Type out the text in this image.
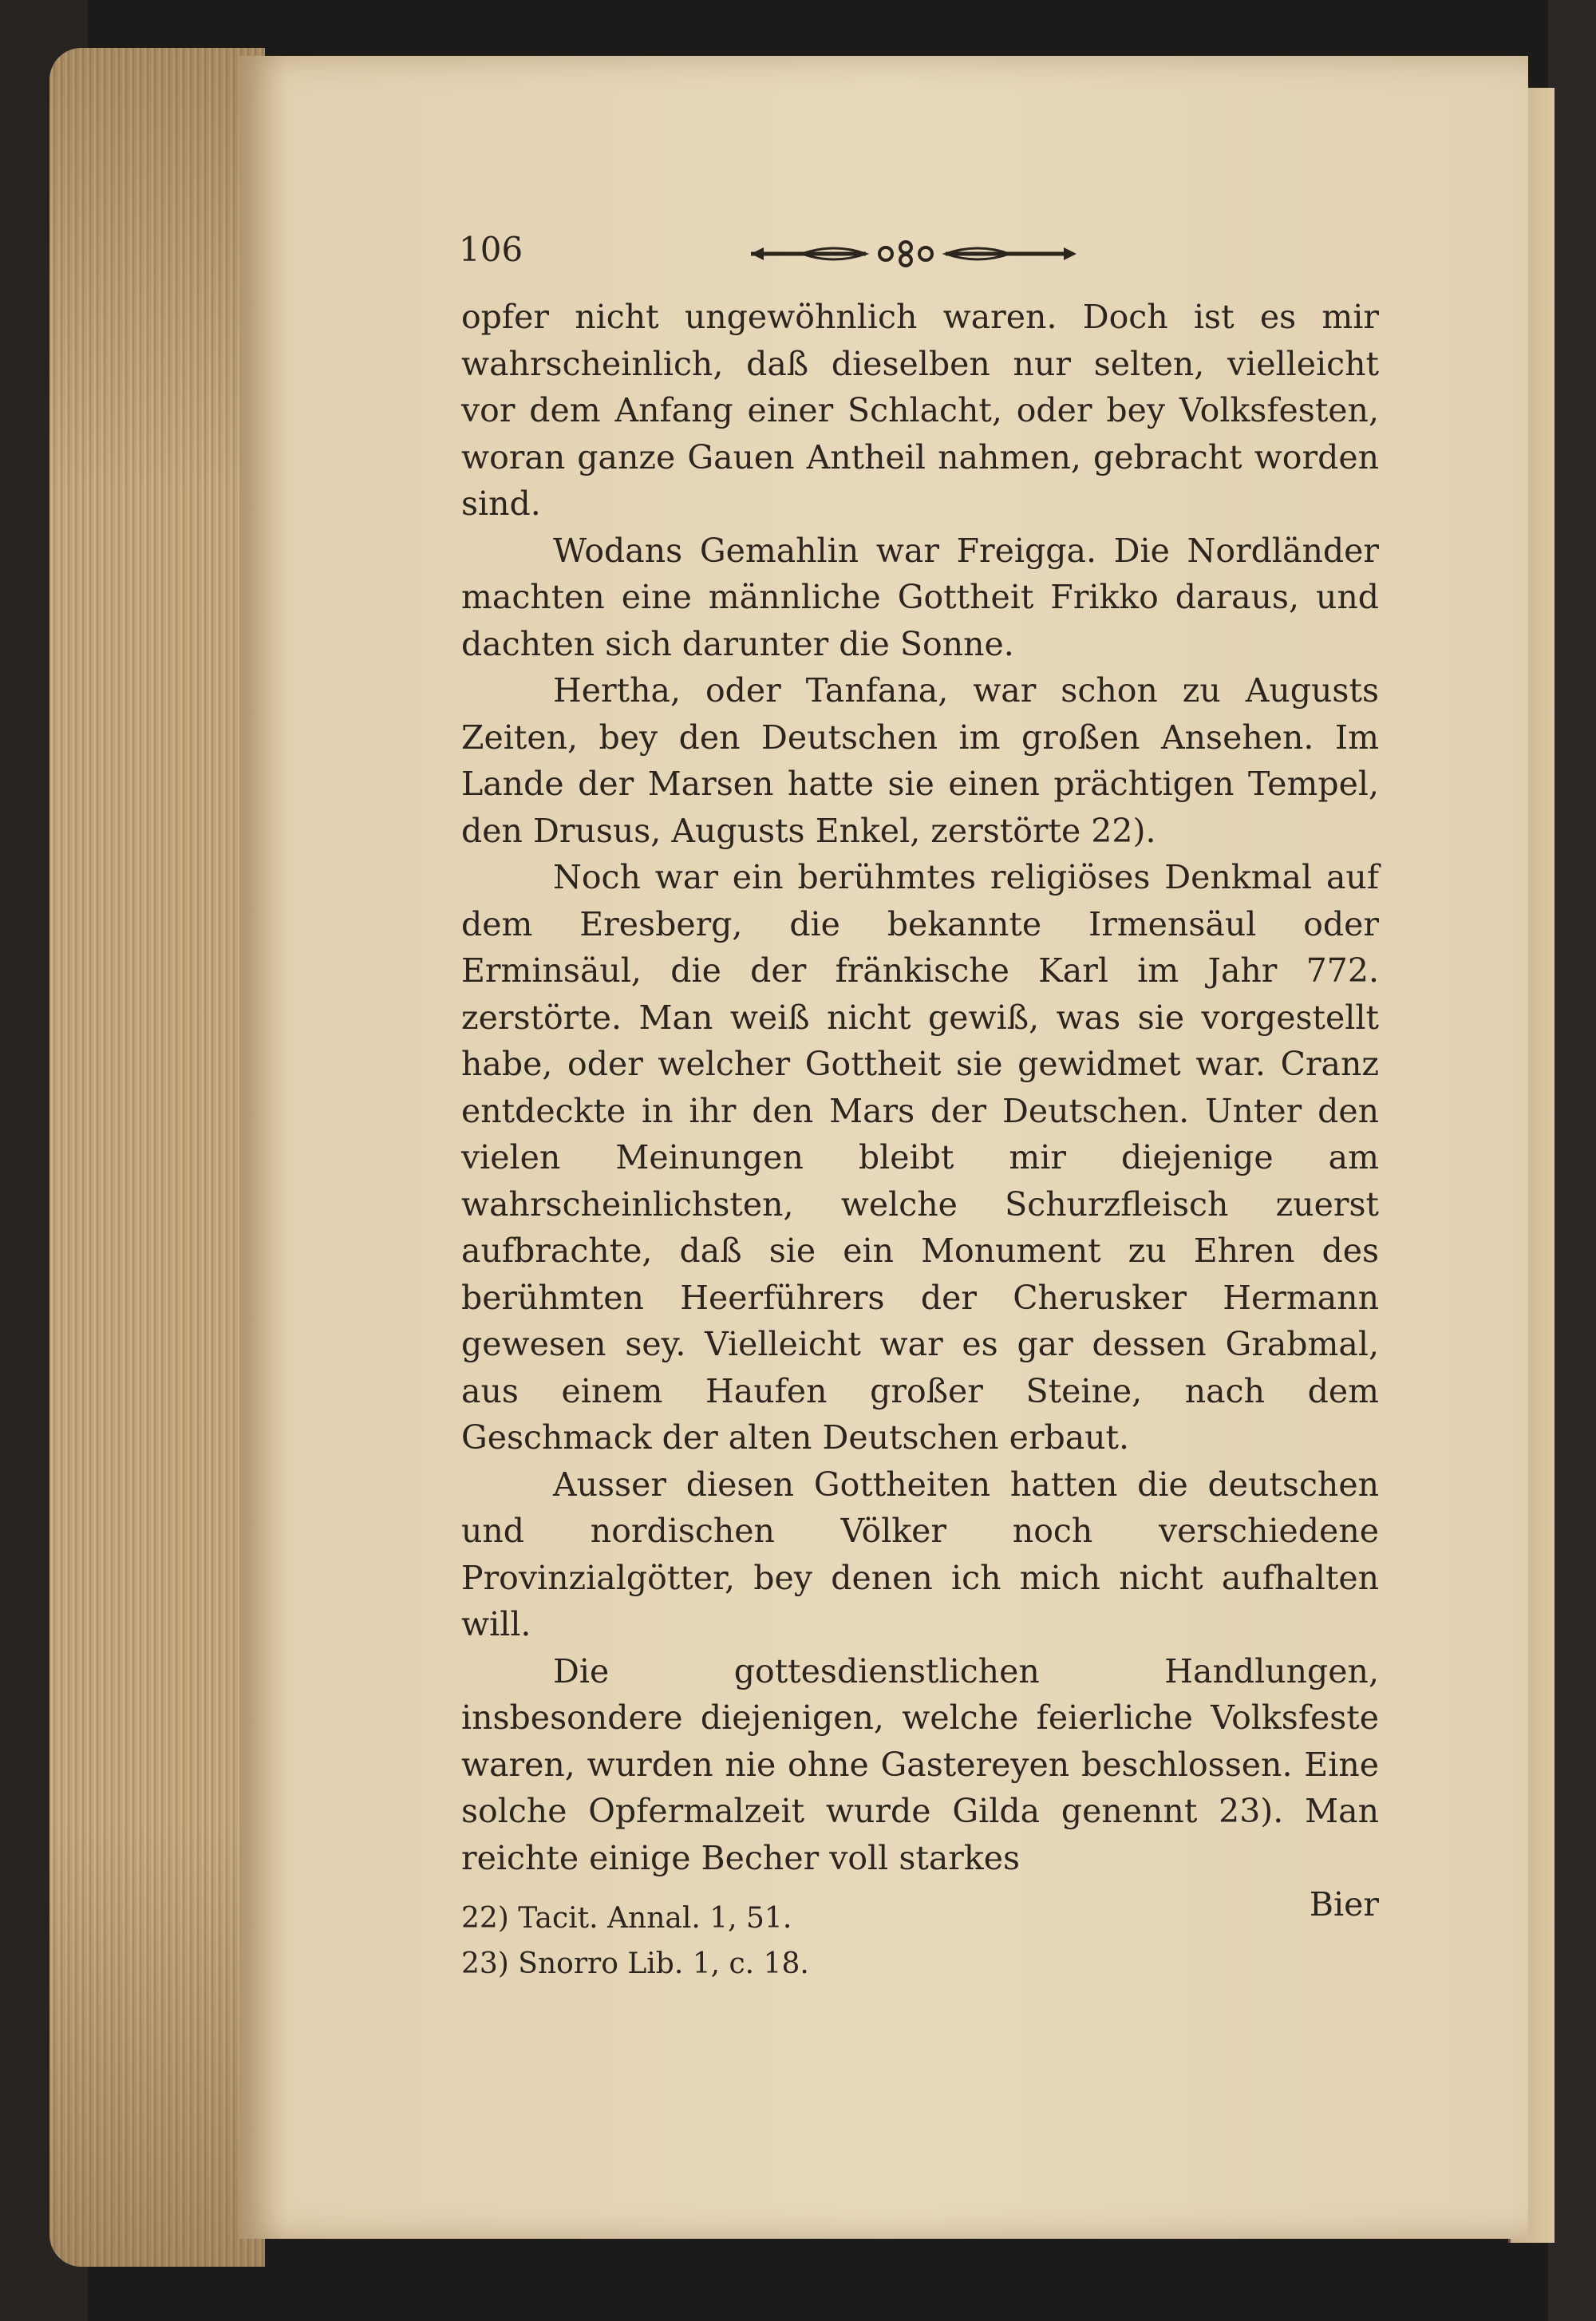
106

opfer nicht ungewöhnlich waren. Doch ist es mir wahrscheinlich, daß dieselben nur selten, vielleicht vor dem Anfang einer Schlacht, oder bey Volksfesten, woran ganze Gauen Antheil nahmen, gebracht worden sind.

Wodans Gemahlin war Freigga. Die Nordländer machten eine männliche Gottheit Frikko daraus, und dachten sich darunter die Sonne.

Hertha, oder Tanfana, war schon zu Augusts Zeiten, bey den Deutschen im großen Ansehen. Im Lande der Marsen hatte sie einen prächtigen Tempel, den Drusus, Augusts Enkel, zerstörte 22).

Noch war ein berühmtes religiöses Denkmal auf dem Eresberg, die bekannte Irmensäul oder Erminsäul, die der fränkische Karl im Jahr 772. zerstörte. Man weiß nicht gewiß, was sie vorgestellt habe, oder welcher Gottheit sie gewidmet war. Cranz entdeckte in ihr den Mars der Deutschen. Unter den vielen Meinungen bleibt mir diejenige am wahrscheinlichsten, welche Schurzfleisch zuerst aufbrachte, daß sie ein Monument zu Ehren des berühmten Heerführers der Cherusker Hermann gewesen sey. Vielleicht war es gar dessen Grabmal, aus einem Haufen großer Steine, nach dem Geschmack der alten Deutschen erbaut.

Ausser diesen Gottheiten hatten die deutschen und nordischen Völker noch verschiedene Provinzialgötter, bey denen ich mich nicht aufhalten will.

Die gottesdienstlichen Handlungen, insbesondere diejenigen, welche feierliche Volksfeste waren, wurden nie ohne Gastereyen beschlossen. Eine solche Opfermalzeit wurde Gilda genennt 23). Man reichte einige Becher voll starkes

Bier

22) Tacit. Annal. 1, 51.
23) Snorro Lib. 1, c. 18.
